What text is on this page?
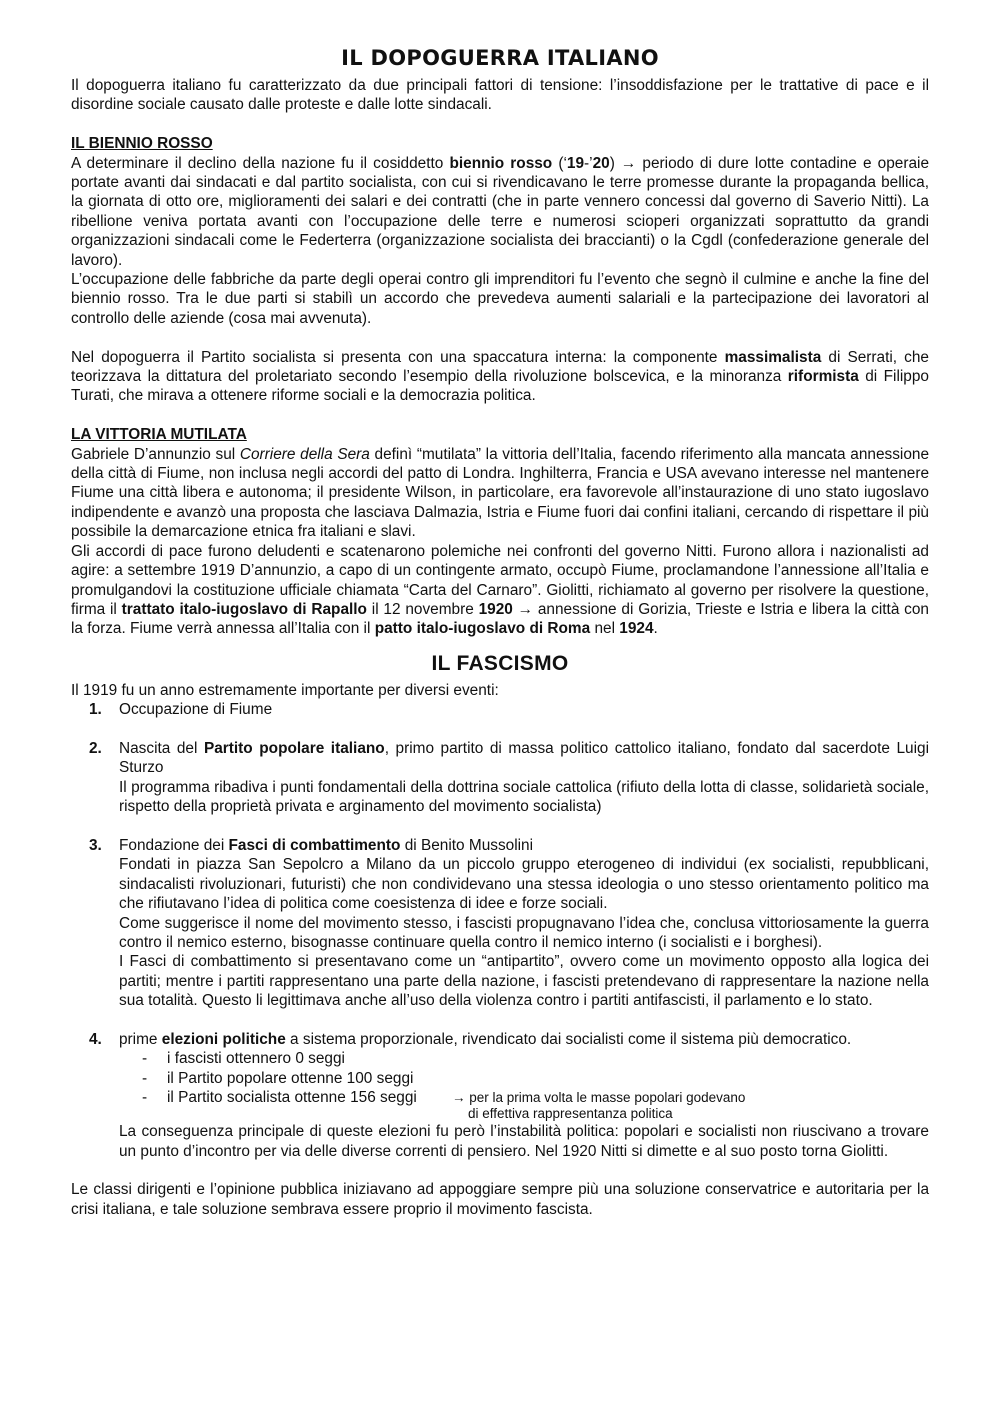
IL DOPOGUERRA ITALIANO

Il dopoguerra italiano fu caratterizzato da due principali fattori di tensione: l’insoddisfazione per le trattative di pace e il disordine sociale causato dalle proteste e dalle lotte sindacali.

IL BIENNIO ROSSO

A determinare il declino della nazione fu il cosiddetto biennio rosso (‘19-’20) → periodo di dure lotte contadine e operaie portate avanti dai sindacati e dal partito socialista, con cui si rivendicavano le terre promesse durante la propaganda bellica, la giornata di otto ore, miglioramenti dei salari e dei contratti (che in parte vennero concessi dal governo di Saverio Nitti). La ribellione veniva portata avanti con l’occupazione delle terre e numerosi scioperi organizzati soprattutto da grandi organizzazioni sindacali come le Federterra (organizzazione socialista dei braccianti) o la Cgdl (confederazione generale del lavoro).

L’occupazione delle fabbriche da parte degli operai contro gli imprenditori fu l’evento che segnò il culmine e anche la fine del biennio rosso. Tra le due parti si stabilì un accordo che prevedeva aumenti salariali e la partecipazione dei lavoratori al controllo delle aziende (cosa mai avvenuta).

Nel dopoguerra il Partito socialista si presenta con una spaccatura interna: la componente massimalista di Serrati, che teorizzava la dittatura del proletariato secondo l’esempio della rivoluzione bolscevica, e la minoranza riformista di Filippo Turati, che mirava a ottenere riforme sociali e la democrazia politica.

LA VITTORIA MUTILATA

Gabriele D’annunzio sul Corriere della Sera definì “mutilata” la vittoria dell’Italia, facendo riferimento alla mancata annessione della città di Fiume, non inclusa negli accordi del patto di Londra. Inghilterra, Francia e USA avevano interesse nel mantenere Fiume una città libera e autonoma; il presidente Wilson, in particolare, era favorevole all’instaurazione di uno stato iugoslavo indipendente e avanzò una proposta che lasciava Dalmazia, Istria e Fiume fuori dai confini italiani, cercando di rispettare il più possibile la demarcazione etnica fra italiani e slavi.

Gli accordi di pace furono deludenti e scatenarono polemiche nei confronti del governo Nitti. Furono allora i nazionalisti ad agire: a settembre 1919 D’annunzio, a capo di un contingente armato, occupò Fiume, proclamandone l’annessione all’Italia e promulgandovi la costituzione ufficiale chiamata “Carta del Carnaro”. Giolitti, richiamato al governo per risolvere la questione, firma il trattato italo-iugoslavo di Rapallo il 12 novembre 1920 → annessione di Gorizia, Trieste e Istria e libera la città con la forza. Fiume verrà annessa all’Italia con il patto italo-iugoslavo di Roma nel 1924.

IL FASCISMO

Il 1919 fu un anno estremamente importante per diversi eventi:

1. Occupazione di Fiume

2. Nascita del Partito popolare italiano, primo partito di massa politico cattolico italiano, fondato dal sacerdote Luigi Sturzo

Il programma ribadiva i punti fondamentali della dottrina sociale cattolica (rifiuto della lotta di classe, solidarietà sociale, rispetto della proprietà privata e arginamento del movimento socialista)

3. Fondazione dei Fasci di combattimento di Benito Mussolini

Fondati in piazza San Sepolcro a Milano da un piccolo gruppo eterogeneo di individui (ex socialisti, repubblicani, sindacalisti rivoluzionari, futuristi) che non condividevano una stessa ideologia o uno stesso orientamento politico ma che rifiutavano l’idea di politica come coesistenza di idee e forze sociali.

Come suggerisce il nome del movimento stesso, i fascisti propugnavano l’idea che, conclusa vittoriosamente la guerra contro il nemico esterno, bisognasse continuare quella contro il nemico interno (i socialisti e i borghesi).

I Fasci di combattimento si presentavano come un “antipartito”, ovvero come un movimento opposto alla logica dei partiti; mentre i partiti rappresentano una parte della nazione, i fascisti pretendevano di rappresentare la nazione nella sua totalità. Questo li legittimava anche all’uso della violenza contro i partiti antifascisti, il parlamento e lo stato.

4. prime elezioni politiche a sistema proporzionale, rivendicato dai socialisti come il sistema più democratico.

- i fascisti ottennero 0 seggi
- il Partito popolare ottenne 100 seggi
- il Partito socialista ottenne 156 seggi	→ per la prima volta le masse popolari godevano
di effettiva rappresentanza politica

La conseguenza principale di queste elezioni fu però l’instabilità politica: popolari e socialisti non riuscivano a trovare un punto d’incontro per via delle diverse correnti di pensiero. Nel 1920 Nitti si dimette e al suo posto torna Giolitti.

Le classi dirigenti e l’opinione pubblica iniziavano ad appoggiare sempre più una soluzione conservatrice e autoritaria per la crisi italiana, e tale soluzione sembrava essere proprio il movimento fascista.
